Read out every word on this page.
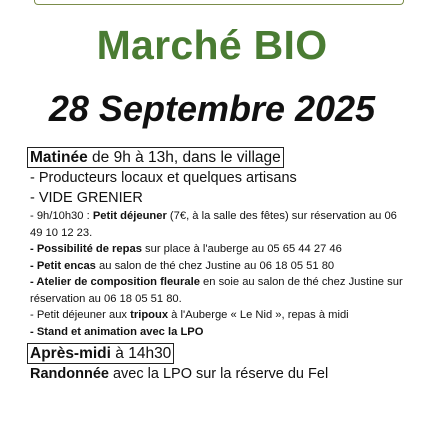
Marché BIO
28 Septembre 2025
Matinée de 9h à 13h, dans le village
- Producteurs locaux et quelques artisans
- VIDE GRENIER
- 9h/10h30 : Petit déjeuner (7€, à la salle des fêtes) sur réservation au 06 49 10 12 23.
- Possibilité de repas sur place à l'auberge au 05 65 44 27 46
- Petit encas au salon de thé chez Justine au 06 18 05 51 80
- Atelier de composition fleurale en soie au salon de thé chez Justine sur réservation au 06 18 05 51 80.
- Petit déjeuner aux tripoux à l'Auberge « Le Nid », repas à midi
- Stand et animation avec la LPO
Après-midi à 14h30
Randonnée avec la LPO sur la réserve du Fel
